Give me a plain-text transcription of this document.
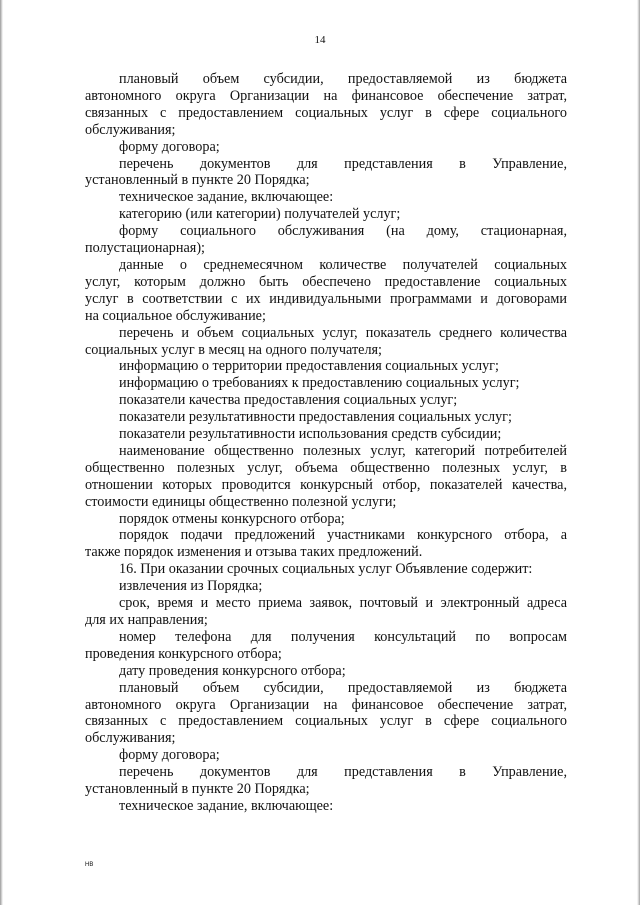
14

плановый объем субсидии, предоставляемой из бюджета

автономного округа Организации на финансовое обеспечение затрат,

связанных с предоставлением социальных услуг в сфере социального

обслуживания;

форму договора;

перечень документов для представления в Управление,

установленный в пункте 20 Порядка;

техническое задание, включающее:

категорию (или категории) получателей услуг;

форму социального обслуживания (на дому, стационарная,

полустационарная);

данные о среднемесячном количестве получателей социальных

услуг, которым должно быть обеспечено предоставление социальных

услуг в соответствии с их индивидуальными программами и договорами

на социальное обслуживание;

перечень и объем социальных услуг, показатель среднего количества

социальных услуг в месяц на одного получателя;

информацию о территории предоставления социальных услуг;

информацию о требованиях к предоставлению социальных услуг;

показатели качества предоставления социальных услуг;

показатели результативности предоставления социальных услуг;

показатели результативности использования средств субсидии;

наименование общественно полезных услуг, категорий потребителей

общественно полезных услуг, объема общественно полезных услуг, в

отношении которых проводится конкурсный отбор, показателей качества,

стоимости единицы общественно полезной услуги;

порядок отмены конкурсного отбора;

порядок подачи предложений участниками конкурсного отбора, а

также порядок изменения и отзыва таких предложений.

16. При оказании срочных социальных услуг Объявление содержит:

извлечения из Порядка;

срок, время и место приема заявок, почтовый и электронный адреса

для их направления;

номер телефона для получения консультаций по вопросам

проведения конкурсного отбора;

дату проведения конкурсного отбора;

плановый объем субсидии, предоставляемой из бюджета

автономного округа Организации на финансовое обеспечение затрат,

связанных с предоставлением социальных услуг в сфере социального

обслуживания;

форму договора;

перечень документов для представления в Управление,

установленный в пункте 20 Порядка;

техническое задание, включающее:

НВ
